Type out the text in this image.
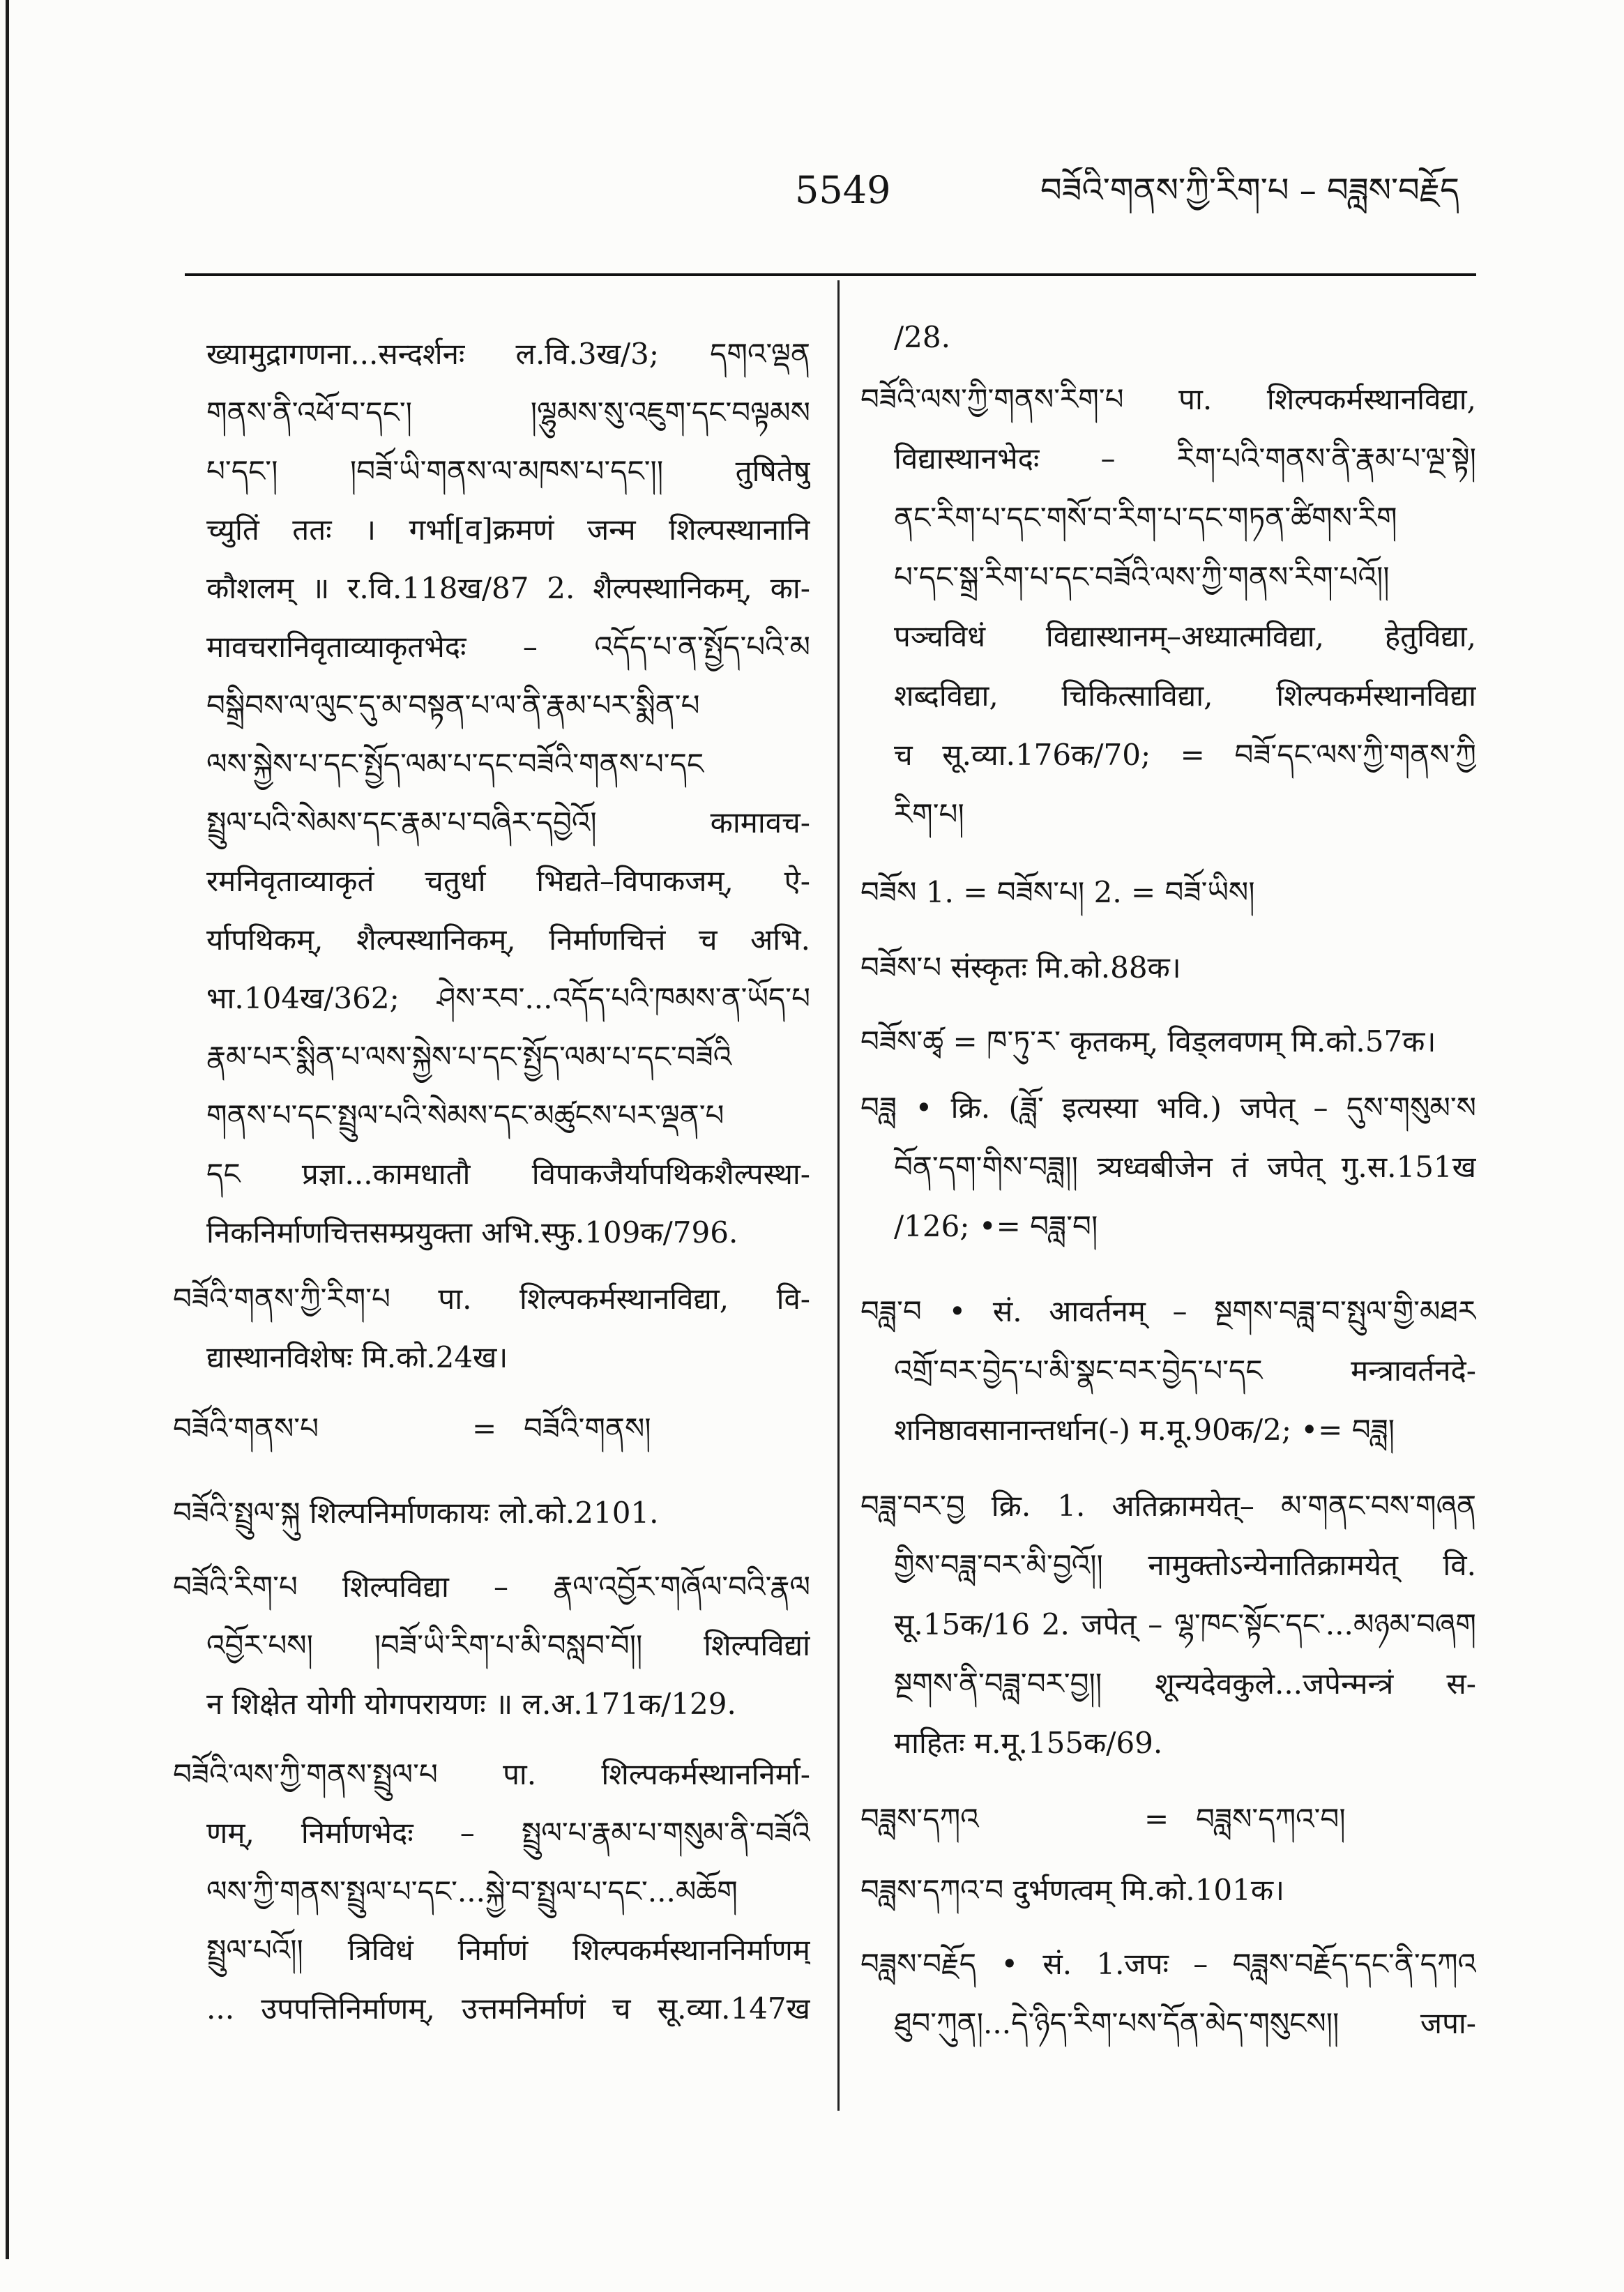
5549	བཟོའི་གནས་ཀྱི་རིག་པ – བཟླས་བརྗོད
ख्यामुद्रागणना...सन्दर्शनः ल.वि.3ख/3; དགའ་ལྡན
གནས་ནི་འཕོ་བ་དང་། །ལྷུམས་སུ་འཇུག་དང་བལྟམས
པ་དང་། །བཟོ་ཡི་གནས་ལ་མཁས་པ་དང་།། तुषितेषु
च्युतिं ततः । गर्भा[व]क्रमणं जन्म शिल्पस्थानानि
कौशलम् ॥ र.वि.118ख/87 2. शैल्पस्थानिकम्, का-
मावचरानिवृताव्याकृतभेदः – འདོད་པ་ན་སྤྱོད་པའི་མ
བསྒྲིབས་ལ་ལུང་དུ་མ་བསྟན་པ་ལ་ནི་རྣམ་པར་སྨིན་པ
ལས་སྐྱེས་པ་དང་སྤྱོད་ལམ་པ་དང་བཟོའི་གནས་པ་དང
སྤྲུལ་པའི་སེམས་དང་རྣམ་པ་བཞིར་དབྱེའོ། कामावच-
रमनिवृताव्याकृतं चतुर्धा भिद्यते–विपाकजम्, ऐ-
र्यापथिकम्, शैल्पस्थानिकम्, निर्माणचित्तं च अभि.
भा.104ख/362; ཤེས་རབ་...འདོད་པའི་ཁམས་ན་ཡོད་པ
རྣམ་པར་སྨིན་པ་ལས་སྐྱེས་པ་དང་སྤྱོད་ལམ་པ་དང་བཟོའི
གནས་པ་དང་སྤྲུལ་པའི་སེམས་དང་མཚུངས་པར་ལྡན་པ
དང प्रज्ञा...कामधातौ विपाकजैर्यापथिकशैल्पस्था-
निकनिर्माणचित्तसम्प्रयुक्ता अभि.स्फु.109क/796.
བཟོའི་གནས་ཀྱི་རིག་པ पा. शिल्पकर्मस्थानविद्या, वि-
द्यास्थानविशेषः मि.को.24ख।
བཟོའི་གནས་པ	= བཟོའི་གནས།
བཟོའི་སྤྲུལ་སྐུ शिल्पनिर्माणकायः लो.को.2101.
བཟོའི་རིག་པ शिल्पविद्या – རྣལ་འབྱོར་གཞོལ་བའི་རྣལ
འབྱོར་པས། །བཟོ་ཡི་རིག་པ་མི་བསླབ་བོ།། शिल्पविद्यां
न शिक्षेत योगी योगपरायणः ॥ ल.अ.171क/129.
བཟོའི་ལས་ཀྱི་གནས་སྤྲུལ་པ पा. शिल्पकर्मस्थाननिर्मा-
णम्, निर्माणभेदः – སྤྲུལ་པ་རྣམ་པ་གསུམ་ནི་བཟོའི
ལས་ཀྱི་གནས་སྤྲུལ་པ་དང་...སྐྱེ་བ་སྤྲུལ་པ་དང་...མཆོག
སྤྲུལ་པའོ།། त्रिविधं निर्माणं शिल्पकर्मस्थाननिर्माणम्
... उपपत्तिनिर्माणम्, उत्तमनिर्माणं च सू.व्या.147ख
/28.
བཟོའི་ལས་ཀྱི་གནས་རིག་པ पा. शिल्पकर्मस्थानविद्या,
विद्यास्थानभेदः – རིག་པའི་གནས་ནི་རྣམ་པ་ལྔ་སྟེ།
ནང་རིག་པ་དང་གསོ་བ་རིག་པ་དང་གཏན་ཚིགས་རིག
པ་དང་སྒྲ་རིག་པ་དང་བཟོའི་ལས་ཀྱི་གནས་རིག་པའོ།།
पञ्चविधं विद्यास्थानम्–अध्यात्मविद्या, हेतुविद्या,
शब्दविद्या, चिकित्साविद्या, शिल्पकर्मस्थानविद्या
च सू.व्या.176क/70; = བཟོ་དང་ལས་ཀྱི་གནས་ཀྱི
རིག་པ།
བཟོས 1. = བཟོས་པ། 2. = བཟོ་ཡིས།
བཟོས་པ संस्कृतः मि.को.88क।
བཟོས་ཚྭ = ཁ་ཏུ་ར་ कृतकम्, विड्लवणम् मि.को.57क।
བཟླ • क्रि. (ཟློ་ इत्यस्या भवि.) जपेत् – དུས་གསུམ་ས
བོན་དག་གིས་བཟླ།། त्र्यध्वबीजेन तं जपेत् गु.स.151ख
/126; •= བཟླ་བ།
བཟླ་བ • सं. आवर्तनम् – སྔགས་བཟླ་བ་སྤུལ་གྱི་མཐར
འགྲོ་བར་བྱེད་པ་མི་སྣང་བར་བྱེད་པ་དང मन्त्रावर्तनदे-
शनिष्ठावसानान्तर्धान(-) म.मू.90क/2; •= བཟླ།
བཟླ་བར་བྱ क्रि. 1. अतिक्रामयेत्– མ་གནང་བས་གཞན
གྱིས་བཟླ་བར་མི་བྱའོ།། नामुक्तोऽन्येनातिक्रामयेत् वि.
सू.15क/16 2. जपेत् – ལྷ་ཁང་སྟོང་དང་...མཉམ་བཞག
སྔགས་ནི་བཟླ་བར་བྱ།། शून्यदेवकुले...जपेन्मन्त्रं स-
माहितः म.मू.155क/69.
བཟླས་དཀའ	= བཟླས་དཀའ་བ།
བཟླས་དཀའ་བ दुर्भणत्वम् मि.को.101क।
བཟླས་བརྗོད • सं. 1.जपः – བཟླས་བརྗོད་དང་ནི་དཀའ
ཐུབ་ཀུན།...དེ་ཉིད་རིག་པས་དོན་མེད་གསུངས།། जपा-
